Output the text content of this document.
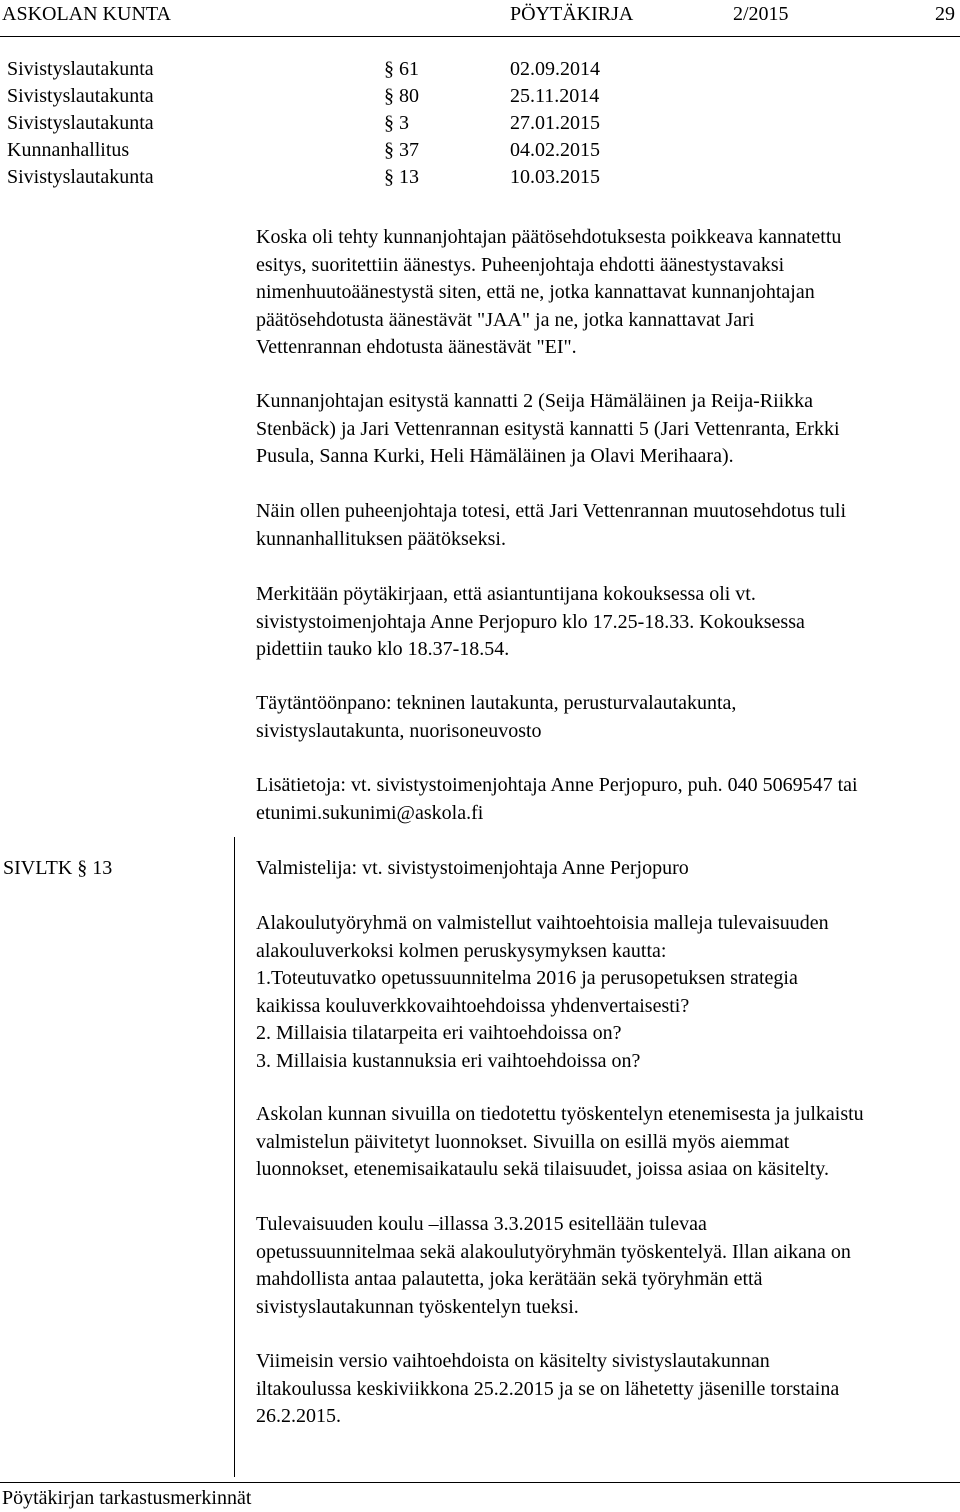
ASKOLAN KUNTA	PÖYTÄKIRJA	2/2015	29
Sivistyslautakunta	§ 61	02.09.2014
Sivistyslautakunta	§ 80	25.11.2014
Sivistyslautakunta	§ 3	27.01.2015
Kunnanhallitus	§ 37	04.02.2015
Sivistyslautakunta	§ 13	10.03.2015
Koska oli tehty kunnanjohtajan päätösehdotuksesta poikkeava kannatettu
esitys, suoritettiin äänestys. Puheenjohtaja ehdotti äänestystavaksi
nimenhuutoäänestystä siten, että ne, jotka kannattavat kunnanjohtajan
päätösehdotusta äänestävät "JAA" ja ne, jotka kannattavat Jari
Vettenrannan ehdotusta äänestävät "EI".
Kunnanjohtajan esitystä kannatti 2 (Seija Hämäläinen ja Reija-Riikka
Stenbäck) ja Jari Vettenrannan esitystä kannatti 5 (Jari Vettenranta, Erkki
Pusula, Sanna Kurki, Heli Hämäläinen ja Olavi Merihaara).
Näin ollen puheenjohtaja totesi, että Jari Vettenrannan muutosehdotus tuli
kunnanhallituksen päätökseksi.
Merkitään pöytäkirjaan, että asiantuntijana kokouksessa oli vt.
sivistystoimenjohtaja Anne Perjopuro klo 17.25-18.33. Kokouksessa
pidettiin tauko klo 18.37-18.54.
Täytäntöönpano: tekninen lautakunta, perusturvalautakunta,
sivistyslautakunta, nuorisoneuvosto
Lisätietoja: vt. sivistystoimenjohtaja Anne Perjopuro, puh. 040 5069547 tai
etunimi.sukunimi@askola.fi
SIVLTK § 13	Valmistelija: vt. sivistystoimenjohtaja Anne Perjopuro
Alakoulutyöryhmä on valmistellut vaihtoehtoisia malleja tulevaisuuden
alakouluverkoksi kolmen peruskysymyksen kautta:
1.Toteutuvatko opetussuunnitelma 2016 ja perusopetuksen strategia
kaikissa kouluverkkovaihtoehdoissa yhdenvertaisesti?
2. Millaisia tilatarpeita eri vaihtoehdoissa on?
3. Millaisia kustannuksia eri vaihtoehdoissa on?
Askolan kunnan sivuilla on tiedotettu työskentelyn etenemisesta ja julkaistu
valmistelun päivitetyt luonnokset. Sivuilla on esillä myös aiemmat
luonnokset, etenemisaikataulu sekä tilaisuudet, joissa asiaa on käsitelty.
Tulevaisuuden koulu –illassa 3.3.2015 esitellään tulevaa
opetussuunnitelmaa sekä alakoulutyöryhmän työskentelyä. Illan aikana on
mahdollista antaa palautetta, joka kerätään sekä työryhmän että
sivistyslautakunnan työskentelyn tueksi.
Viimeisin versio vaihtoehdoista on käsitelty sivistyslautakunnan
iltakoulussa keskiviikkona 25.2.2015 ja se on lähetetty jäsenille torstaina
26.2.2015.
Pöytäkirjan tarkastusmerkinnät
